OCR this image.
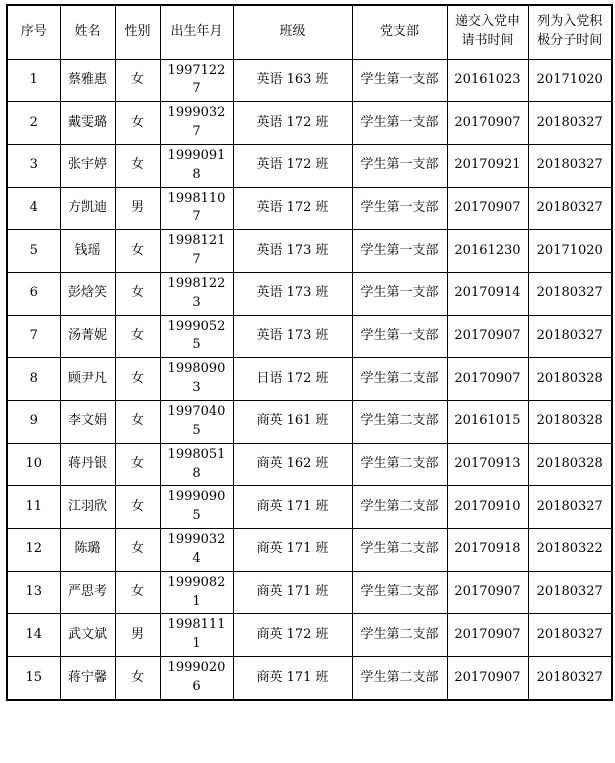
序号	姓名	性别	出生年月	班级	党支部	递交入党申请书时间	列为入党积极分子时间
1	蔡雅惠	女	19971227	英语 163 班	学生第一支部	20161023	20171020
2	戴雯璐	女	19990327	英语 172 班	学生第一支部	20170907	20180327
3	张宇婷	女	19990918	英语 172 班	学生第一支部	20170921	20180327
4	方凯迪	男	19981107	英语 172 班	学生第一支部	20170907	20180327
5	钱瑶	女	19981217	英语 173 班	学生第一支部	20161230	20171020
6	彭焓笑	女	19981223	英语 173 班	学生第一支部	20170914	20180327
7	汤菁妮	女	19990525	英语 173 班	学生第一支部	20170907	20180327
8	顾尹凡	女	19980903	日语 172 班	学生第二支部	20170907	20180328
9	李文娟	女	19970405	商英 161 班	学生第二支部	20161015	20180328
10	蒋丹银	女	19980518	商英 162 班	学生第二支部	20170913	20180328
11	江羽欣	女	19990905	商英 171 班	学生第二支部	20170910	20180327
12	陈璐	女	19990324	商英 171 班	学生第二支部	20170918	20180322
13	严思考	女	19990821	商英 171 班	学生第二支部	20170907	20180327
14	武文斌	男	19981111	商英 172 班	学生第二支部	20170907	20180327
15	蒋宁馨	女	19990206	商英 171 班	学生第二支部	20170907	20180327
